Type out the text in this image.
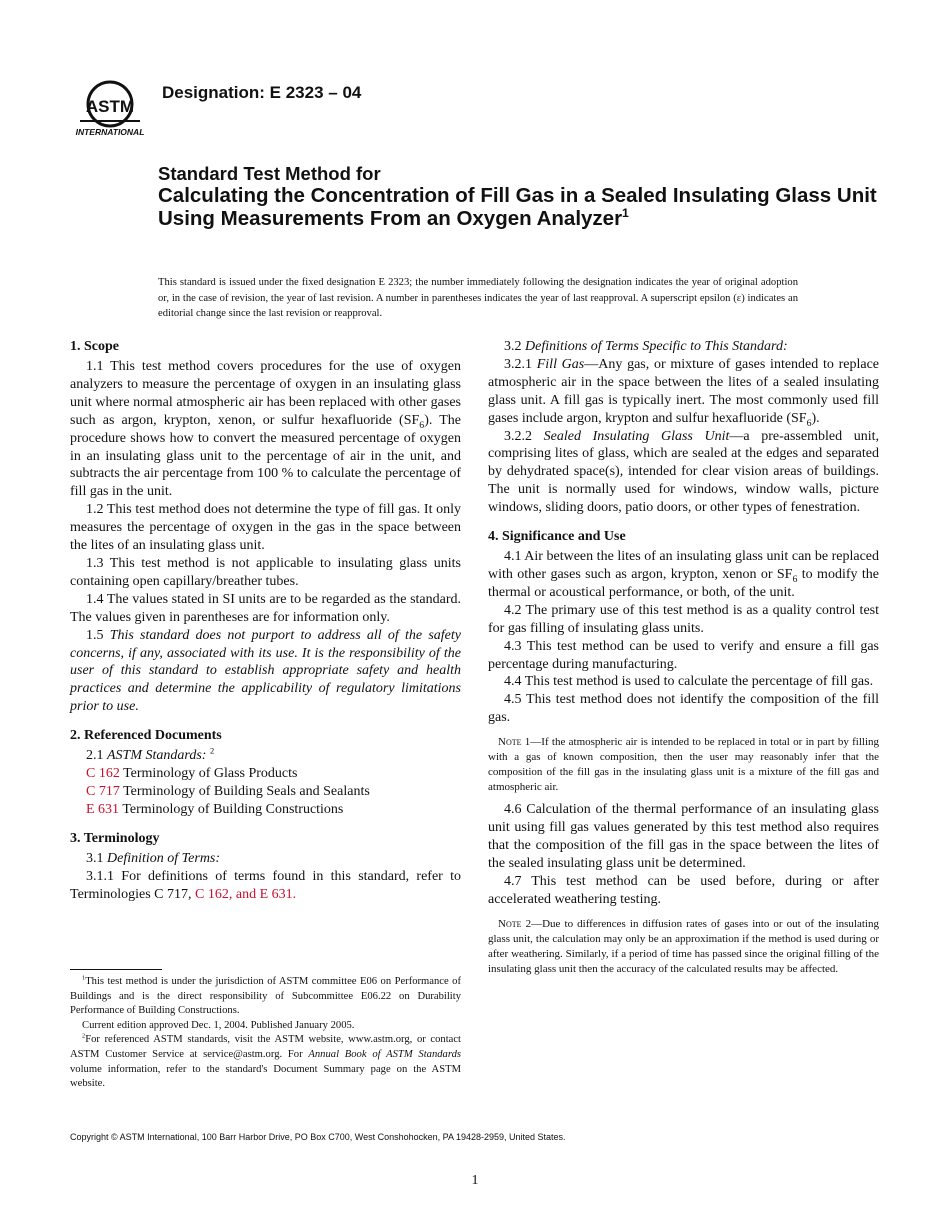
ASTM
INTERNATIONAL
Designation: E 2323 – 04
Standard Test Method for
Calculating the Concentration of Fill Gas in a Sealed Insulating Glass Unit Using Measurements From an Oxygen Analyzer$^1$
This standard is issued under the fixed designation E 2323; the number immediately following the designation indicates the year of original adoption or, in the case of revision, the year of last revision. A number in parentheses indicates the year of last reapproval. A superscript epsilon (ε) indicates an editorial change since the last revision or reapproval.
1. Scope

1.1 This test method covers procedures for the use of oxygen analyzers to measure the percentage of oxygen in an insulating glass unit where normal atmospheric air has been replaced with other gases such as argon, krypton, xenon, or sulfur hexafluoride $(SF_6)$. The procedure shows how to convert the measured percentage of oxygen in an insulating glass unit to the percentage of air in the unit, and subtracts the air percentage from 100 % to calculate the percentage of fill gas in the unit.

1.2 This test method does not determine the type of fill gas. It only measures the percentage of oxygen in the gas in the space between the lites of an insulating glass unit.

1.3 This test method is not applicable to insulating glass units containing open capillary/breather tubes.

1.4 The values stated in SI units are to be regarded as the standard. The values given in parentheses are for information only.

1.5 This standard does not purport to address all of the safety concerns, if any, associated with its use. It is the responsibility of the user of this standard to establish appropriate safety and health practices and determine the applicability of regulatory limitations prior to use.

2. Referenced Documents

2.1 ASTM Standards: $^2$

C 162 Terminology of Glass Products

C 717 Terminology of Building Seals and Sealants

E 631 Terminology of Building Constructions

3. Terminology

3.1 Definition of Terms:

3.1.1 For definitions of terms found in this standard, refer to Terminologies C 717, C 162, and E 631.

3.2 Definitions of Terms Specific to This Standard:

3.2.1 Fill Gas—Any gas, or mixture of gases intended to replace atmospheric air in the space between the lites of a sealed insulating glass unit. A fill gas is typically inert. The most commonly used fill gases include argon, krypton and sulfur hexafluoride $(SF_6)$.

3.2.2 Sealed Insulating Glass Unit—a pre-assembled unit, comprising lites of glass, which are sealed at the edges and separated by dehydrated space(s), intended for clear vision areas of buildings. The unit is normally used for windows, window walls, picture windows, sliding doors, patio doors, or other types of fenestration.

4. Significance and Use

4.1 Air between the lites of an insulating glass unit can be replaced with other gases such as argon, krypton, xenon or $SF_6$ to modify the thermal or acoustical performance, or both, of the unit.

4.2 The primary use of this test method is as a quality control test for gas filling of insulating glass units.

4.3 This test method can be used to verify and ensure a fill gas percentage during manufacturing.

4.4 This test method is used to calculate the percentage of fill gas.

4.5 This test method does not identify the composition of the fill gas.

Note 1—If the atmospheric air is intended to be replaced in total or in part by filling with a gas of known composition, then the user may reasonably infer that the composition of the fill gas in the insulating glass unit is a mixture of the fill gas and atmospheric air.

4.6 Calculation of the thermal performance of an insulating glass unit using fill gas values generated by this test method also requires that the composition of the fill gas in the space between the lites of the sealed insulating glass unit be determined.

4.7 This test method can be used before, during or after accelerated weathering testing.

Note 2—Due to differences in diffusion rates of gases into or out of the insulating glass unit, the calculation may only be an approximation if the method is used during or after weathering. Similarly, if a period of time has passed since the original filling of the insulating glass unit then the accuracy of the calculated results may be affected.

$^1$This test method is under the jurisdiction of ASTM committee E06 on Performance of Buildings and is the direct responsibility of Subcommittee E06.22 on Durability Performance of Building Constructions.

Current edition approved Dec. 1, 2004. Published January 2005.

$^2$For referenced ASTM standards, visit the ASTM website, www.astm.org, or contact ASTM Customer Service at service@astm.org. For Annual Book of ASTM Standards volume information, refer to the standard's Document Summary page on the ASTM website.

Copyright © ASTM International, 100 Barr Harbor Drive, PO Box C700, West Conshohocken, PA 19428-2959, United States.
1
